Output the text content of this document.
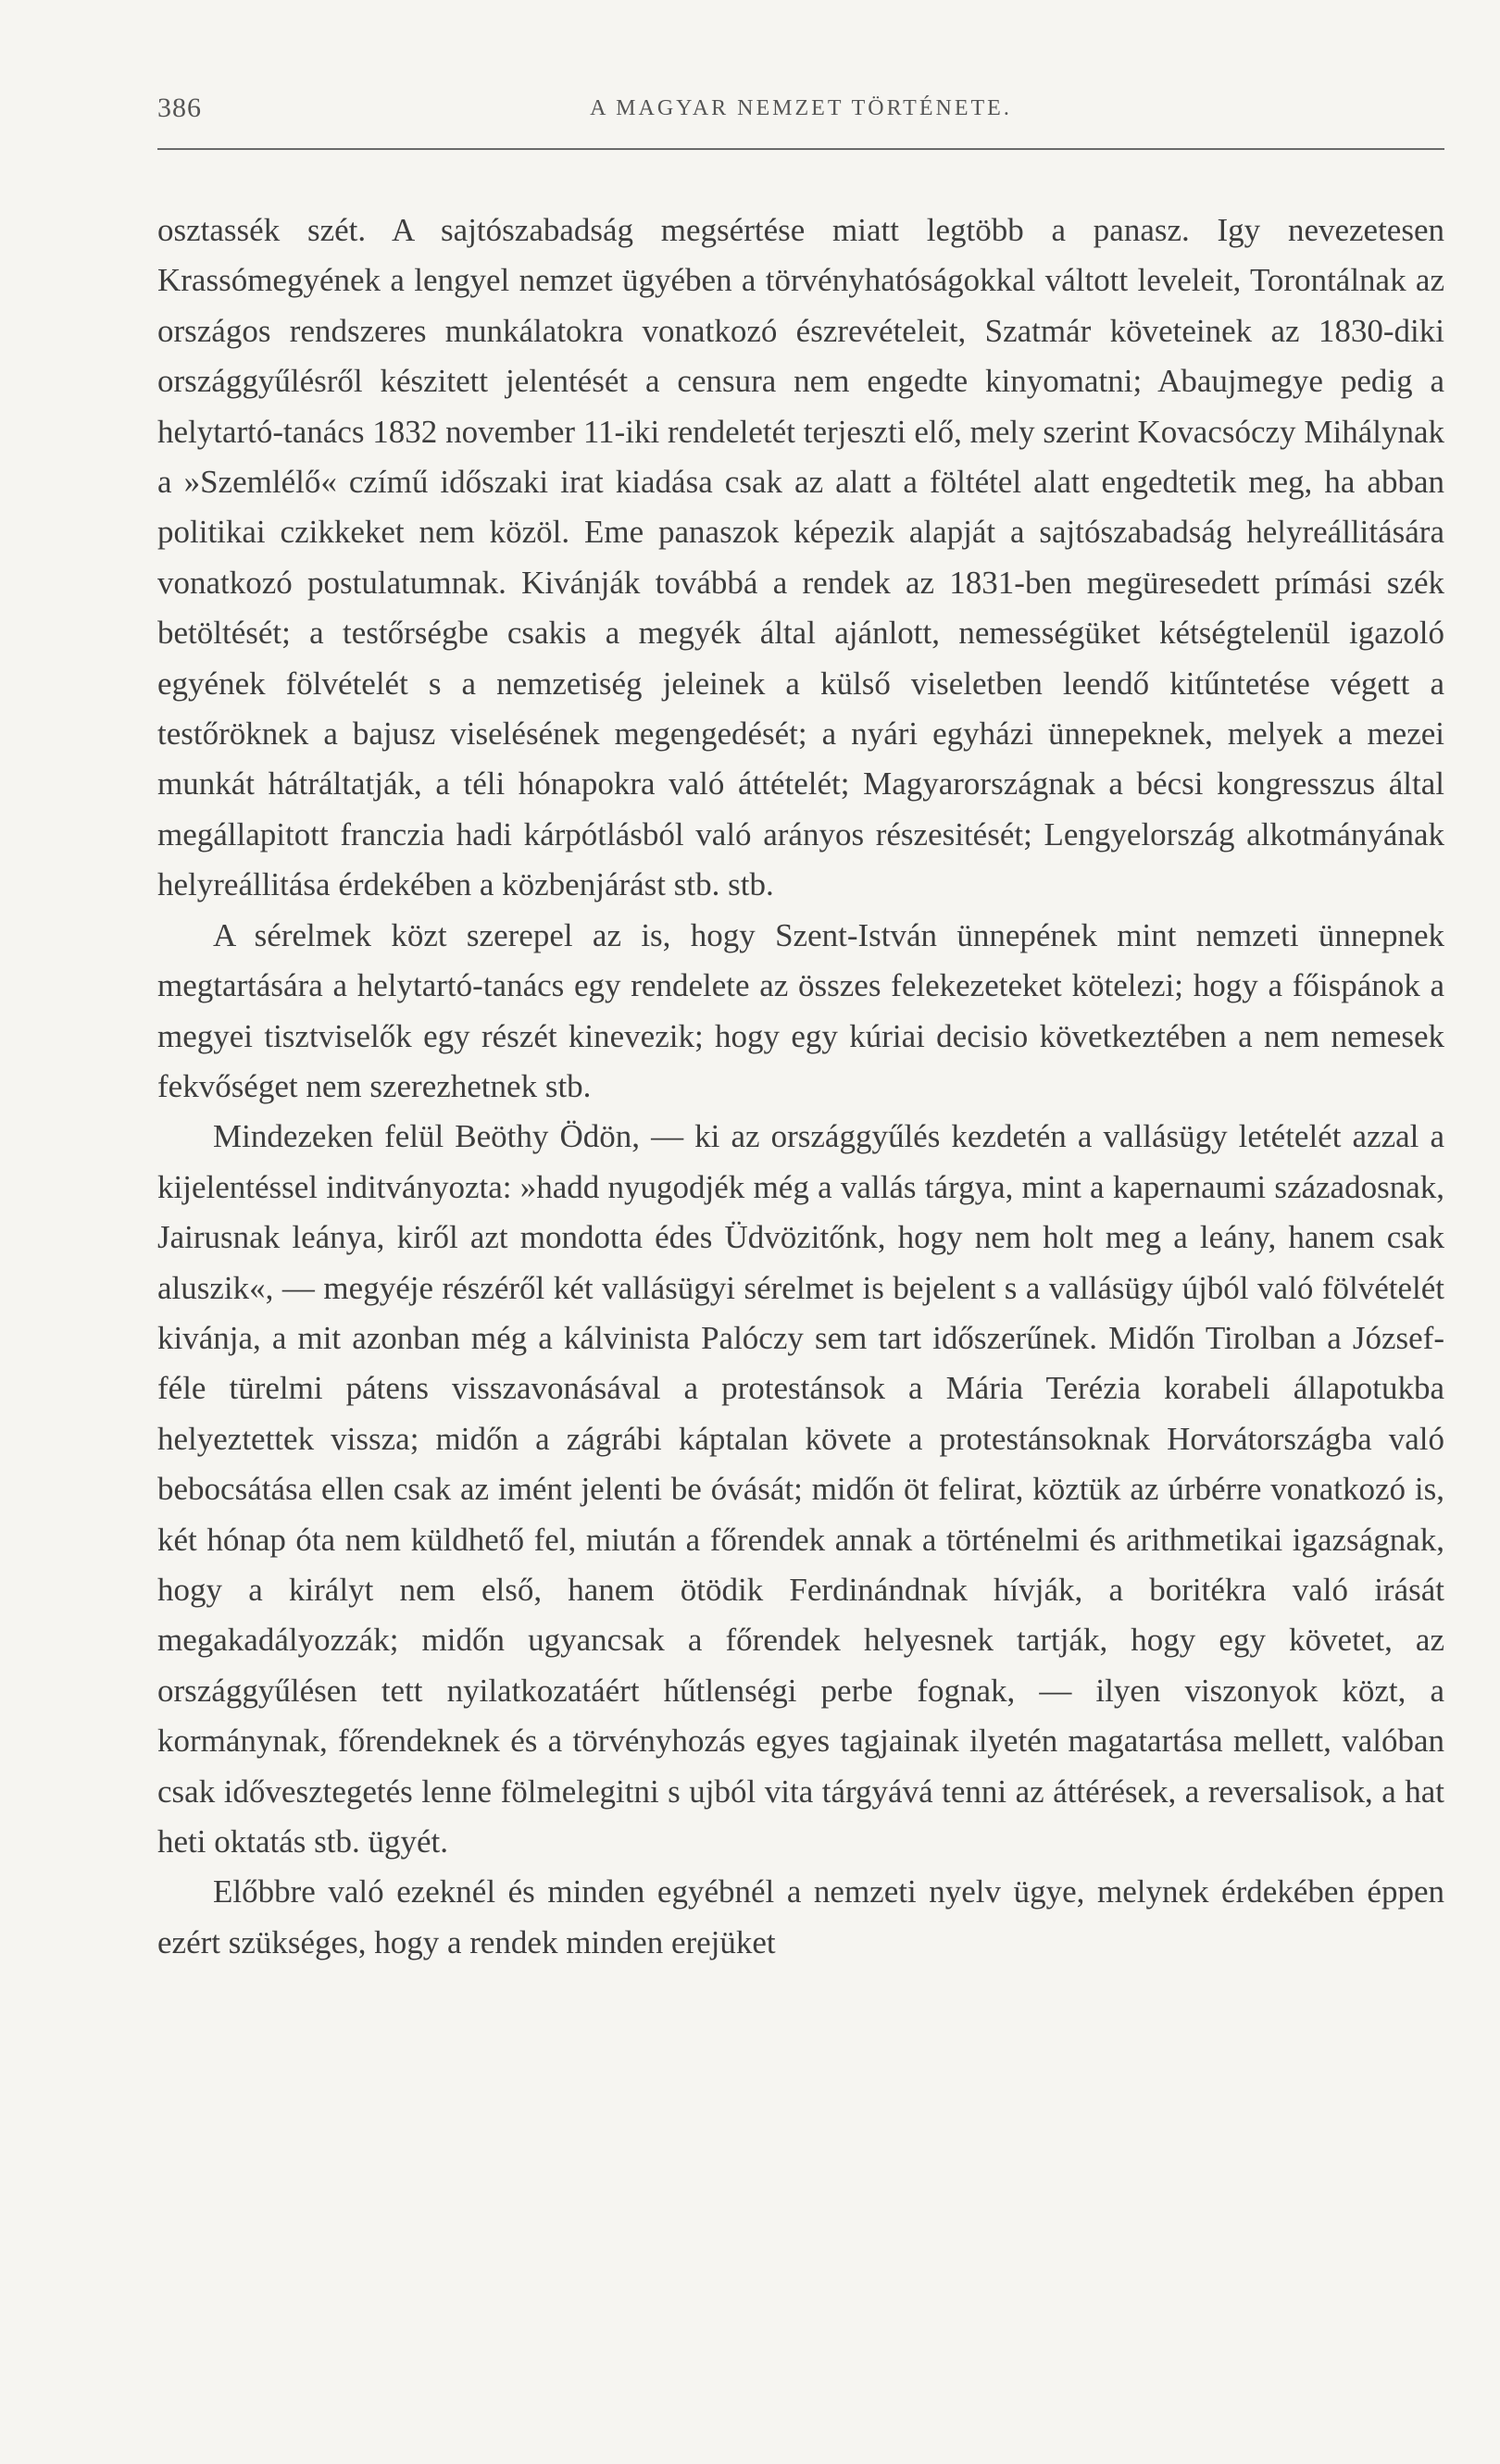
386	A MAGYAR NEMZET TÖRTÉNETE.

osztassék szét. A sajtószabadság megsértése miatt legtöbb a panasz. Igy nevezetesen Krassómegyének a lengyel nemzet ügyében a törvényhatóságokkal váltott leveleit, Torontálnak az országos rendszeres munkálatokra vonatkozó észrevételeit, Szatmár követeinek az 1830-diki országgyűlésről készitett jelentését a censura nem engedte kinyomatni; Abaujmegye pedig a helytartó-tanács 1832 november 11-iki rendeletét terjeszti elő, mely szerint Kovacsóczy Mihálynak a »Szemlélő« czímű időszaki irat kiadása csak az alatt a föltétel alatt engedtetik meg, ha abban politikai czikkeket nem közöl. Eme panaszok képezik alapját a sajtószabadság helyreállitására vonatkozó postulatumnak. Kivánják továbbá a rendek az 1831-ben megüresedett prímási szék betöltését; a testőrségbe csakis a megyék által ajánlott, nemességüket kétségtelenül igazoló egyének fölvételét s a nemzetiség jeleinek a külső viseletben leendő kitűntetése végett a testőröknek a bajusz viselésének megengedését; a nyári egyházi ünnepeknek, melyek a mezei munkát hátráltatják, a téli hónapokra való áttételét; Magyarországnak a bécsi kongresszus által megállapitott franczia hadi kárpótlásból való arányos részesitését; Lengyelország alkotmányának helyreállitása érdekében a közbenjárást stb. stb.

A sérelmek közt szerepel az is, hogy Szent-István ünnepének mint nemzeti ünnepnek megtartására a helytartó-tanács egy rendelete az összes felekezeteket kötelezi; hogy a főispánok a megyei tisztviselők egy részét kinevezik; hogy egy kúriai decisio következtében a nem nemesek fekvőséget nem szerezhetnek stb.

Mindezeken felül Beöthy Ödön, — ki az országgyűlés kezdetén a vallásügy letételét azzal a kijelentéssel inditványozta: »hadd nyugodjék még a vallás tárgya, mint a kapernaumi századosnak, Jairusnak leánya, kiről azt mondotta édes Üdvözitőnk, hogy nem holt meg a leány, hanem csak aluszik«, — megyéje részéről két vallásügyi sérelmet is bejelent s a vallásügy újból való fölvételét kivánja, a mit azonban még a kálvinista Palóczy sem tart időszerűnek. Midőn Tirolban a József-féle türelmi pátens visszavonásával a protestánsok a Mária Terézia korabeli állapotukba helyeztettek vissza; midőn a zágrábi káptalan követe a protestánsoknak Horvátországba való bebocsátása ellen csak az imént jelenti be óvását; midőn öt felirat, köztük az úrbérre vonatkozó is, két hónap óta nem küldhető fel, miután a főrendek annak a történelmi és arithmetikai igazságnak, hogy a királyt nem első, hanem ötödik Ferdinándnak hívják, a boritékra való irását megakadályozzák; midőn ugyancsak a főrendek helyesnek tartják, hogy egy követet, az országgyűlésen tett nyilatkozatáért hűtlenségi perbe fognak, — ilyen viszonyok közt, a kormánynak, főrendeknek és a törvényhozás egyes tagjainak ilyetén magatartása mellett, valóban csak idővesztegetés lenne fölmelegitni s ujból vita tárgyává tenni az áttérések, a reversalisok, a hat heti oktatás stb. ügyét.

Előbbre való ezeknél és minden egyébnél a nemzeti nyelv ügye, melynek érdekében éppen ezért szükséges, hogy a rendek minden erejüket
